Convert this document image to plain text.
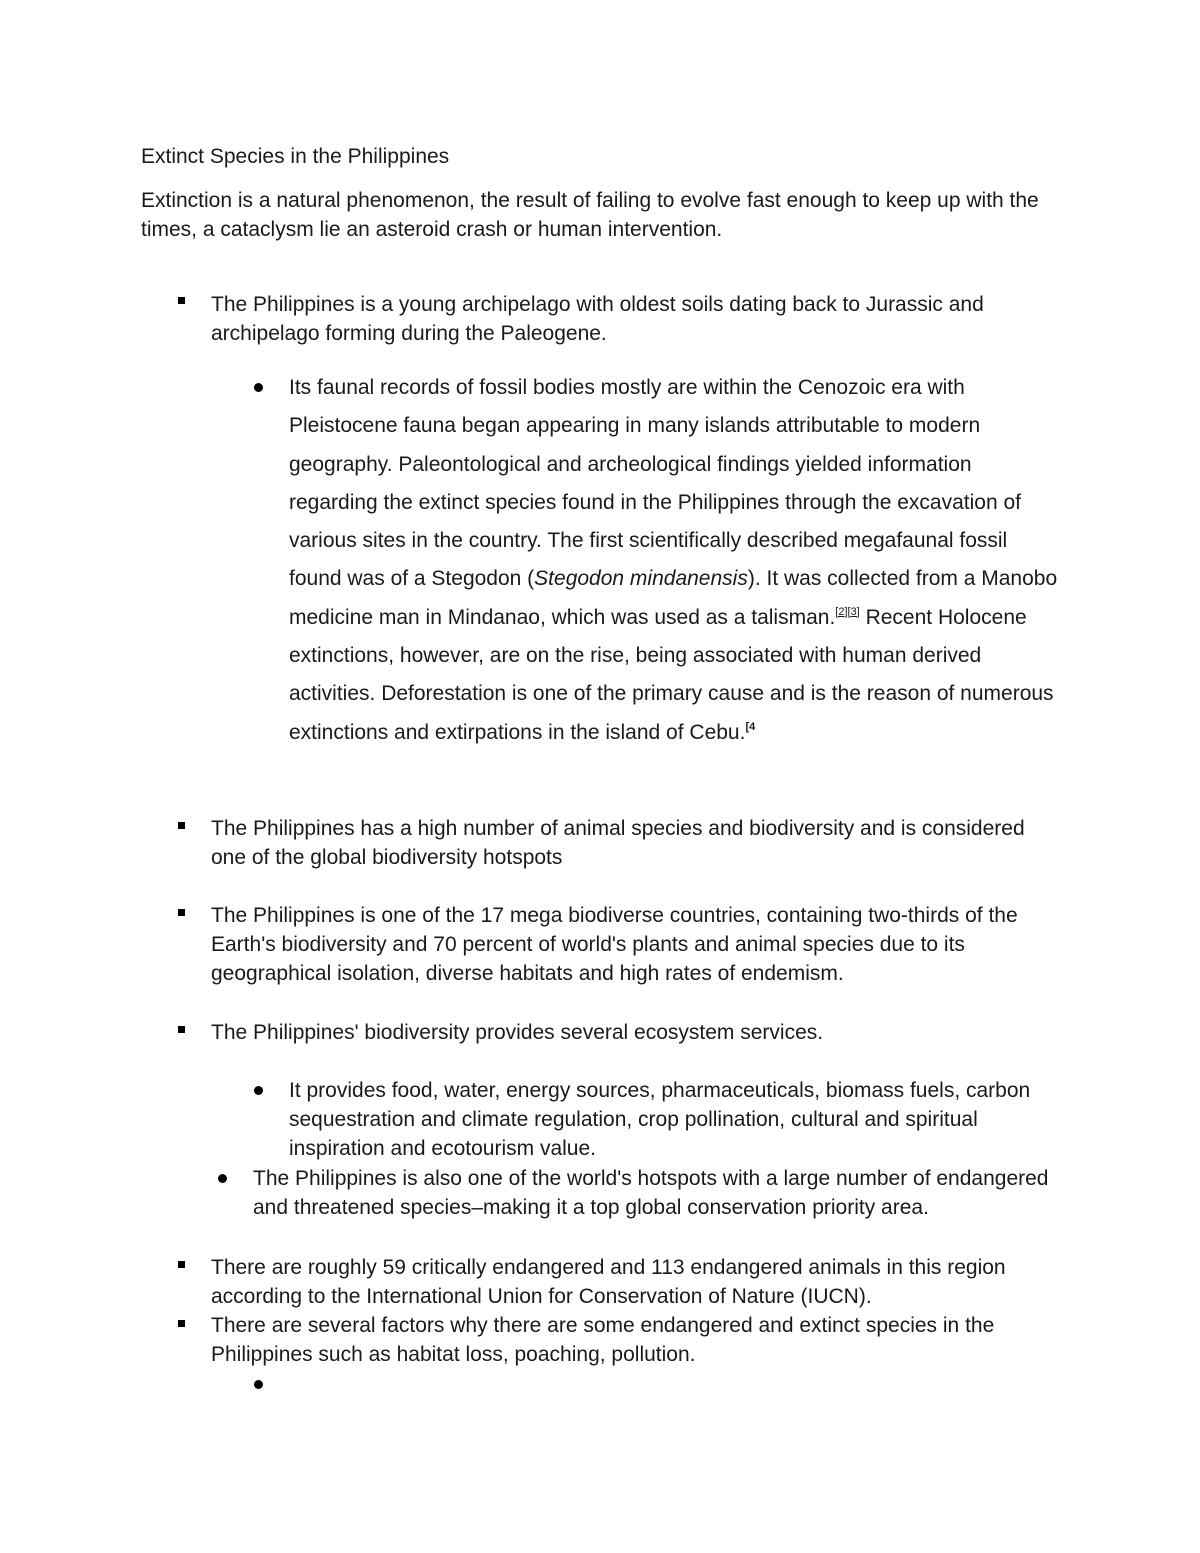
Extinct Species in the Philippines

Extinction is a natural phenomenon, the result of failing to evolve fast enough to keep up with the times, a cataclysm lie an asteroid crash or human intervention.

The Philippines is a young archipelago with oldest soils dating back to Jurassic and archipelago forming during the Paleogene.

Its faunal records of fossil bodies mostly are within the Cenozoic era with Pleistocene fauna began appearing in many islands attributable to modern geography. Paleontological and archeological findings yielded information regarding the extinct species found in the Philippines through the excavation of various sites in the country. The first scientifically described megafaunal fossil found was of a Stegodon (Stegodon mindanensis). It was collected from a Manobo medicine man in Mindanao, which was used as a talisman.[2][3] Recent Holocene extinctions, however, are on the rise, being associated with human derived activities. Deforestation is one of the primary cause and is the reason of numerous extinctions and extirpations in the island of Cebu.$^{[4}$

The Philippines has a high number of animal species and biodiversity and is considered one of the global biodiversity hotspots

The Philippines is one of the 17 mega biodiverse countries, containing two-thirds of the Earth's biodiversity and 70 percent of world's plants and animal species due to its geographical isolation, diverse habitats and high rates of endemism.

The Philippines' biodiversity provides several ecosystem services.

It provides food, water, energy sources, pharmaceuticals, biomass fuels, carbon sequestration and climate regulation, crop pollination, cultural and spiritual inspiration and ecotourism value.

The Philippines is also one of the world's hotspots with a large number of endangered and threatened species–making it a top global conservation priority area.

There are roughly 59 critically endangered and 113 endangered animals in this region according to the International Union for Conservation of Nature (IUCN).

There are several factors why there are some endangered and extinct species in the Philippines such as habitat loss, poaching, pollution.
